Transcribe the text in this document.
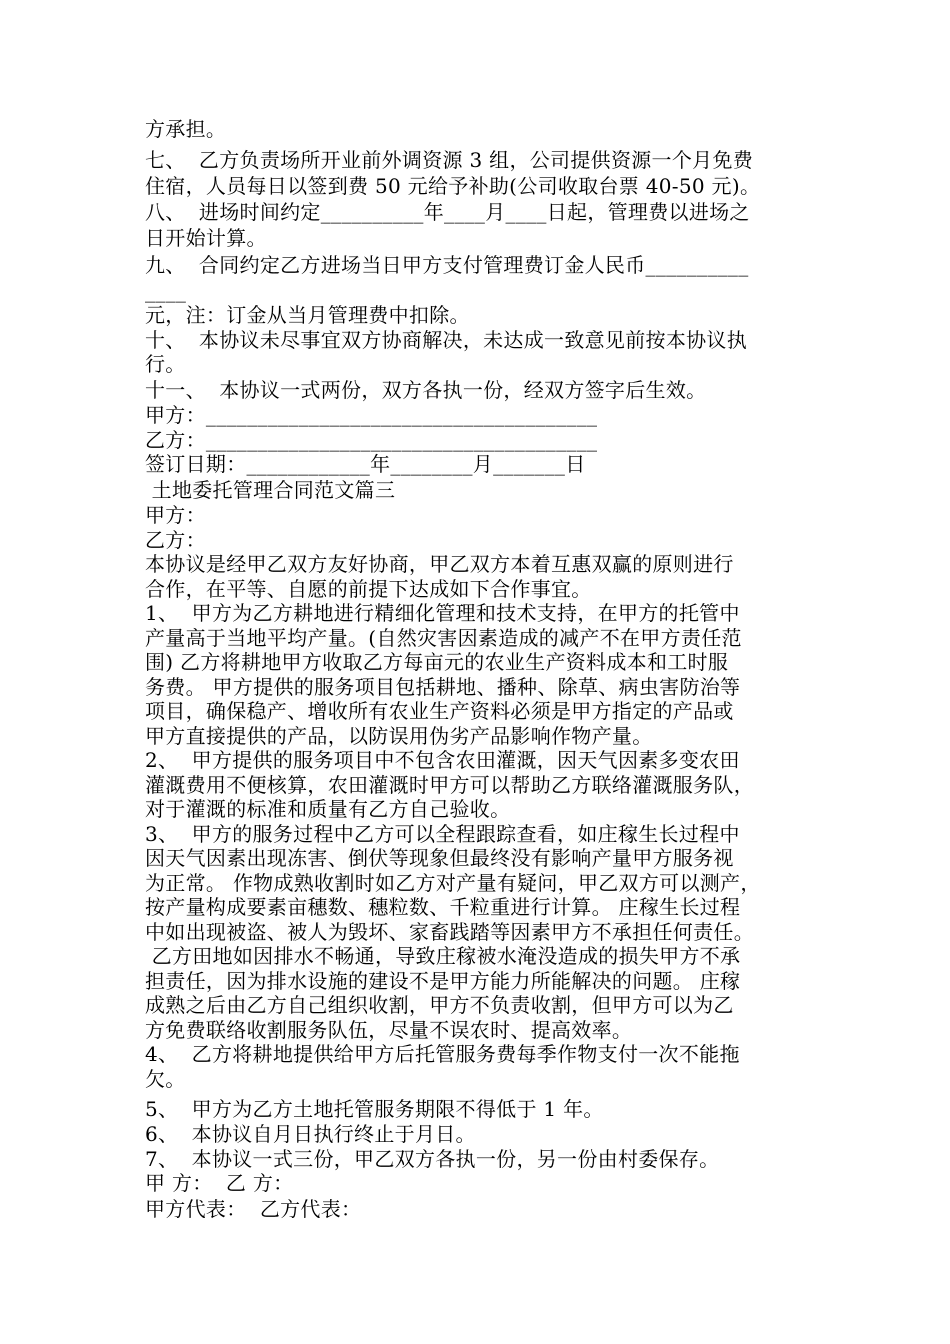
方承担。
七、  乙方负责场所开业前外调资源 3 组，公司提供资源一个月免费
住宿，人员每日以签到费 50 元给予补助(公司收取台票 40-50 元)。
八、  进场时间约定__________年____月____日起，管理费以进场之
日开始计算。
九、  合同约定乙方进场当日甲方支付管理费订金人民币__________
____
元，注：订金从当月管理费中扣除。
十、  本协议未尽事宜双方协商解决，未达成一致意见前按本协议执
行。
十一、  本协议一式两份，双方各执一份，经双方签字后生效。
甲方：______________________________________
乙方：______________________________________
签订日期：____________年________月_______日
土地委托管理合同范文篇三
甲方：
乙方：
本协议是经甲乙双方友好协商，甲乙双方本着互惠双赢的原则进行
合作，在平等、自愿的前提下达成如下合作事宜。
1、  甲方为乙方耕地进行精细化管理和技术支持，在甲方的托管中
产量高于当地平均产量。(自然灾害因素造成的减产不在甲方责任范
围) 乙方将耕地甲方收取乙方每亩元的农业生产资料成本和工时服
务费。 甲方提供的服务项目包括耕地、播种、除草、病虫害防治等
项目，确保稳产、增收所有农业生产资料必须是甲方指定的产品或
甲方直接提供的产品，以防误用伪劣产品影响作物产量。
2、  甲方提供的服务项目中不包含农田灌溉，因天气因素多变农田
灌溉费用不便核算，农田灌溉时甲方可以帮助乙方联络灌溉服务队，
对于灌溉的标准和质量有乙方自己验收。
3、  甲方的服务过程中乙方可以全程跟踪查看，如庄稼生长过程中
因天气因素出现冻害、倒伏等现象但最终没有影响产量甲方服务视
为正常。 作物成熟收割时如乙方对产量有疑问，甲乙双方可以测产，
按产量构成要素亩穗数、穗粒数、千粒重进行计算。 庄稼生长过程
中如出现被盗、被人为毁坏、家畜践踏等因素甲方不承担任何责任。
乙方田地如因排水不畅通，导致庄稼被水淹没造成的损失甲方不承
担责任，因为排水设施的建设不是甲方能力所能解决的问题。 庄稼
成熟之后由乙方自己组织收割，甲方不负责收割，但甲方可以为乙
方免费联络收割服务队伍，尽量不误农时、提高效率。
4、  乙方将耕地提供给甲方后托管服务费每季作物支付一次不能拖
欠。
5、  甲方为乙方土地托管服务期限不得低于 1 年。
6、  本协议自月日执行终止于月日。
7、  本协议一式三份，甲乙双方各执一份，另一份由村委保存。
甲 方：  乙 方：
甲方代表：  乙方代表：
